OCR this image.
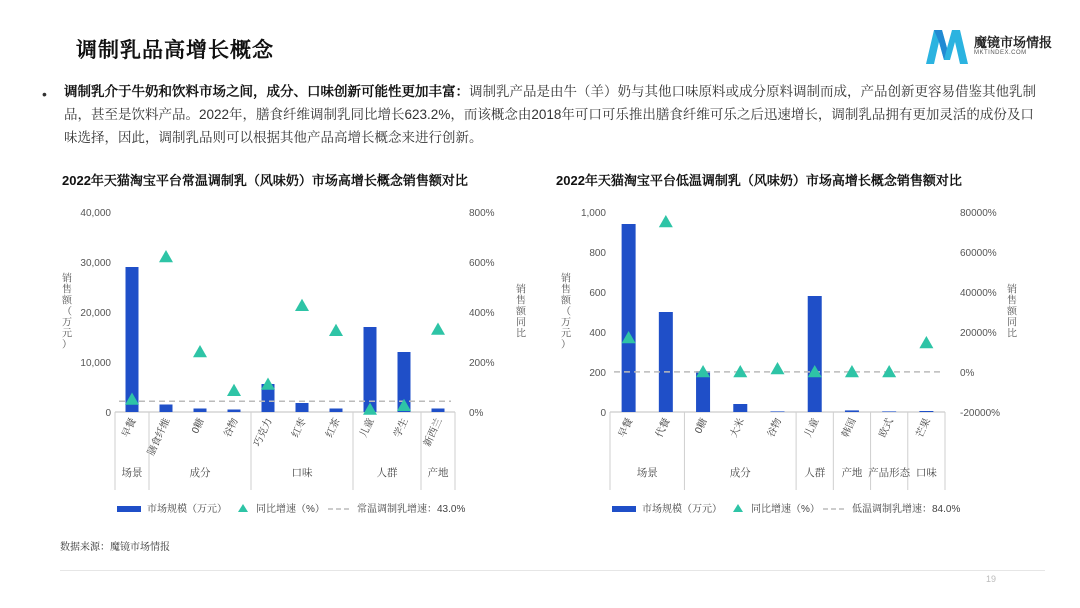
调制乳品高增长概念	魔镜市场情报
MKTINDEX.COM
• 调制乳介于牛奶和饮料市场之间，成分、口味创新可能性更加丰富：调制乳产品是由牛（羊）奶与其他口味原料或成分原料调制而成，产品创新更容易借鉴其他乳制品，甚至是饮料产品。2022年，膳食纤维调制乳同比增长623.2%，而该概念由2018年可口可乐推出膳食纤维可乐之后迅速增长，调制乳品拥有更加灵活的成份及口味选择，因此，调制乳品则可以根据其他产品高增长概念来进行创新。
2022年天猫淘宝平台常温调制乳（风味奶）市场高增长概念销售额对比	2022年天猫淘宝平台低温调制乳（风味奶）市场高增长概念销售额对比
40,000
30,000
20,000
10,000
0
800%
600%
400%
200%
0%
销售额（万元）
销售额同比
早餐 膳食纤维 0糖 谷物 巧克力 红枣 红茶 儿童 学生 新西兰
场景	成分	口味	人群	产地
市场规模（万元）	同比增速（%）	常温调制乳增速：43.0%
1,000
800
600
400
200
0
80000%
60000%
40000%
20000%
0%
-20000%
销售额（万元）
销售额同比
早餐 代餐 0糖 大米 谷物 儿童 韩国 欧式 芒果
场景	成分	人群 产地 产品形态 口味
市场规模（万元）	同比增速（%）	低温调制乳增速：84.0%
数据来源：魔镜市场情报
19
